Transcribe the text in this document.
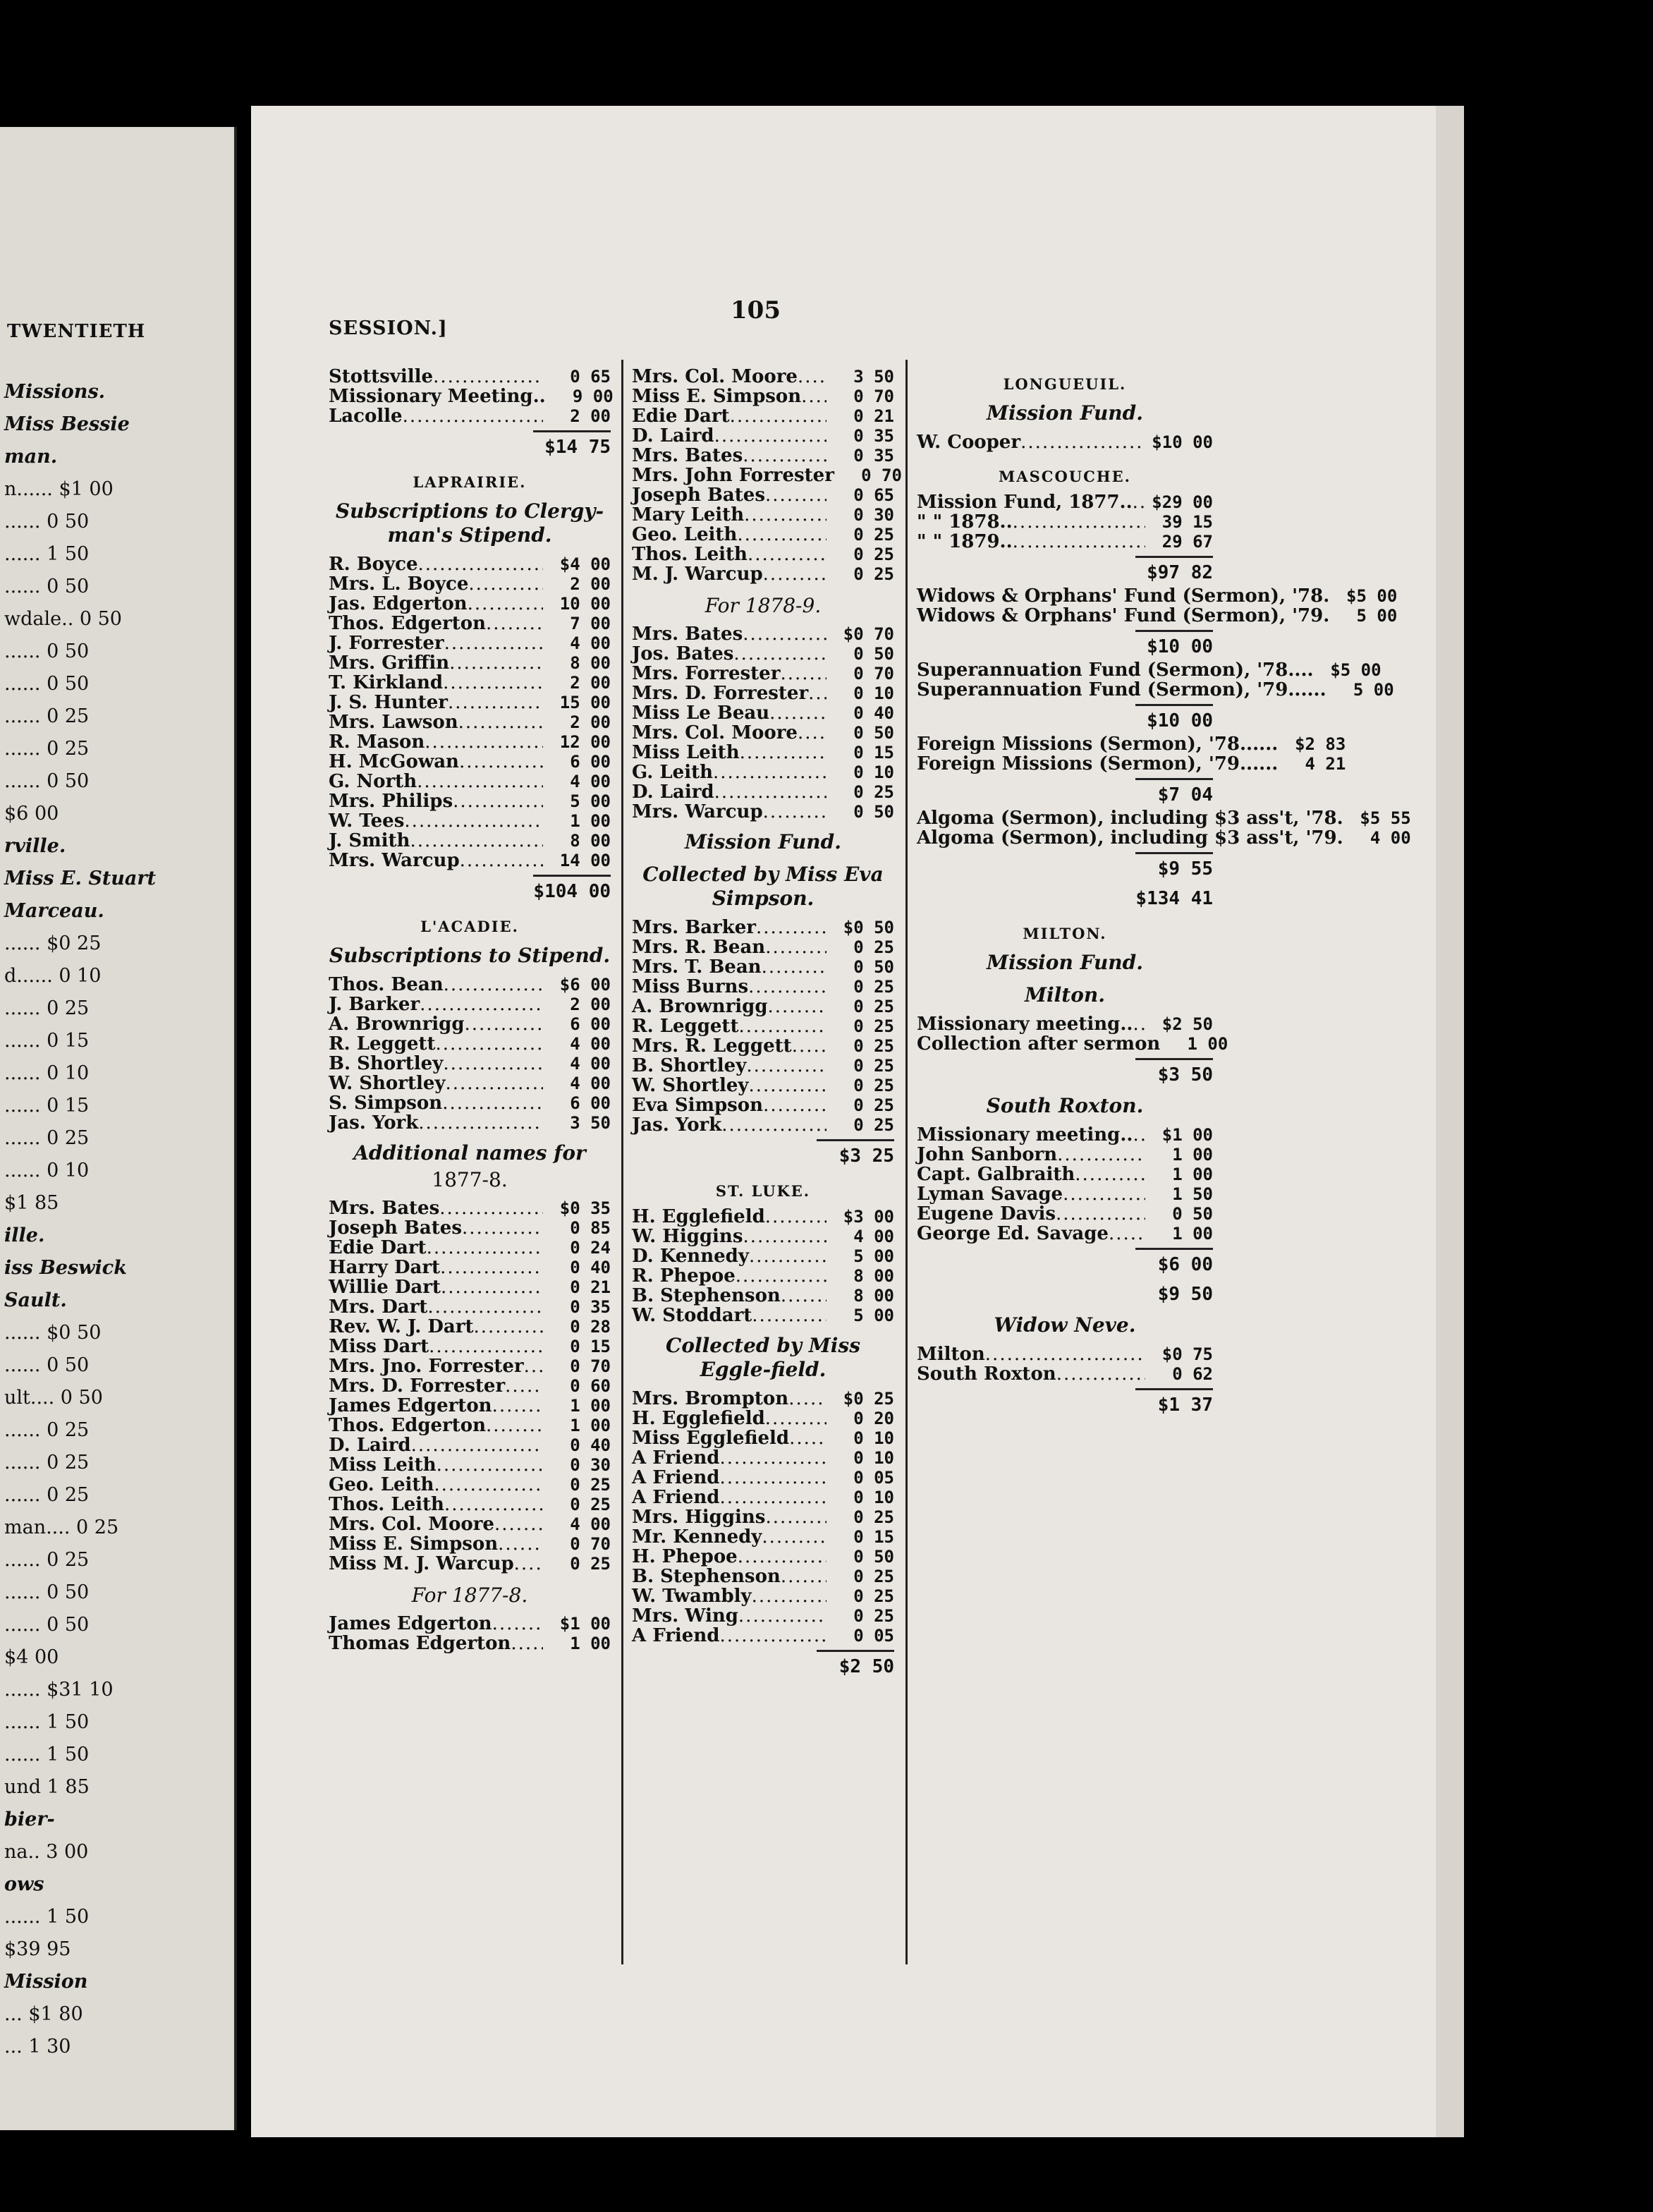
TWENTIETH
Missions.
Miss Bessie
man.
n...... $1 00
...... 0 50
...... 1 50
...... 0 50
wdale.. 0 50
...... 0 50
...... 0 50
...... 0 25
...... 0 25
...... 0 50
$6 00
rville.
Miss E. Stuart
Marceau.
...... $0 25
d...... 0 10
...... 0 25
...... 0 15
...... 0 10
...... 0 15
...... 0 25
...... 0 10
$1 85
ille.
iss Beswick
Sault.
...... $0 50
...... 0 50
ult.... 0 50
...... 0 25
...... 0 25
...... 0 25
man.... 0 25
...... 0 25
...... 0 50
...... 0 50
$4 00
...... $31 10
...... 1 50
...... 1 50
und 1 85
bier-
na.. 3 00
ows
...... 1 50
$39 95
Mission
... $1 80
... 1 30
SESSION.]
105
Stottsville .....	0 65
Missionary Meeting..	9 00
Lacolle .....	2 00
$14 75
LAPRAIRIE.
Subscriptions to Clergy-man's Stipend.
R. Boyce .....	$4 00
Mrs. L. Boyce .....	2 00
Jas. Edgerton .....	10 00
Thos. Edgerton .....	7 00
J. Forrester .....	4 00
Mrs. Griffin .....	8 00
T. Kirkland .....	2 00
J. S. Hunter .....	15 00
Mrs. Lawson .....	2 00
R. Mason .....	12 00
H. McGowan .....	6 00
G. North .....	4 00
Mrs. Philips .....	5 00
W. Tees .....	1 00
J. Smith .....	8 00
Mrs. Warcup .....	14 00
$104 00
L'ACADIE.
Subscriptions to Stipend.
Thos. Bean .....	$6 00
J. Barker .....	2 00
A. Brownrigg .....	6 00
R. Leggett .....	4 00
B. Shortley .....	4 00
W. Shortley .....	4 00
S. Simpson .....	6 00
Jas. York .....	3 50
Additional names for
1877-8.
Mrs. Bates .....	$0 35
Joseph Bates .....	0 85
Edie Dart .....	0 24
Harry Dart .....	0 40
Willie Dart .....	0 21
Mrs. Dart .....	0 35
Rev. W. J. Dart .....	0 28
Miss Dart .....	0 15
Mrs. Jno. Forrester .....	0 70
Mrs. D. Forrester .....	0 60
James Edgerton .....	1 00
Thos. Edgerton .....	1 00
D. Laird .....	0 40
Miss Leith .....	0 30
Geo. Leith .....	0 25
Thos. Leith .....	0 25
Mrs. Col. Moore .....	4 00
Miss E. Simpson .....	0 70
Miss M. J. Warcup .....	0 25
For 1877-8.
James Edgerton .....	$1 00
Thomas Edgerton .....	1 00
Mrs. Col. Moore .....	3 50
Miss E. Simpson .....	0 70
Edie Dart .....	0 21
D. Laird .....	0 35
Mrs. Bates .....	0 35
Mrs. John Forrester	0 70
Joseph Bates .....	0 65
Mary Leith .....	0 30
Geo. Leith .....	0 25
Thos. Leith .....	0 25
M. J. Warcup .....	0 25
For 1878-9.
Mrs. Bates .....	$0 70
Jos. Bates .....	0 50
Mrs. Forrester .....	0 70
Mrs. D. Forrester .....	0 10
Miss Le Beau .....	0 40
Mrs. Col. Moore .....	0 50
Miss Leith .....	0 15
G. Leith .....	0 10
D. Laird .....	0 25
Mrs. Warcup .....	0 50
Mission Fund.
Collected by Miss Eva Simpson.
Mrs. Barker .....	$0 50
Mrs. R. Bean .....	0 25
Mrs. T. Bean .....	0 50
Miss Burns .....	0 25
A. Brownrigg .....	0 25
R. Leggett .....	0 25
Mrs. R. Leggett .....	0 25
B. Shortley .....	0 25
W. Shortley .....	0 25
Eva Simpson .....	0 25
Jas. York .....	0 25
$3 25
ST. LUKE.
H. Egglefield .....	$3 00
W. Higgins .....	4 00
D. Kennedy .....	5 00
R. Phepoe .....	8 00
B. Stephenson .....	8 00
W. Stoddart .....	5 00
Collected by Miss Eggle-field.
Mrs. Brompton .....	$0 25
H. Egglefield .....	0 20
Miss Egglefield .....	0 10
A Friend .....	0 10
A Friend .....	0 05
A Friend .....	0 10
Mrs. Higgins .....	0 25
Mr. Kennedy .....	0 15
H. Phepoe .....	0 50
B. Stephenson .....	0 25
W. Twambly .....	0 25
Mrs. Wing .....	0 25
A Friend .....	0 05
$2 50
LONGUEUIL.
Mission Fund.
W. Cooper .....	$10 00
MASCOUCHE.
Mission Fund, 1877.. .....	$29 00
" " 1878.. .....	39 15
" " 1879.. .....	29 67
$97 82
Widows & Orphans' Fund (Sermon), '78. $5 00
Widows & Orphans' Fund (Sermon), '79.	5 00
$10 00
Superannuation Fund (Sermon), '78.... $5 00
Superannuation Fund (Sermon), '79......	5 00
$10 00
Foreign Missions (Sermon), '78...... $2 83
Foreign Missions (Sermon), '79......	4 21
$7 04
Algoma (Sermon), including $3 ass't, '78. $5 55
Algoma (Sermon), including $3 ass't, '79.	4 00
$9 55
$134 41
MILTON.
Mission Fund.
Milton.
Missionary meeting.. .....	$2 50
Collection after sermon	1 00
$3 50
South Roxton.
Missionary meeting.. .....	$1 00
John Sanborn .....	1 00
Capt. Galbraith .....	1 00
Lyman Savage .....	1 50
Eugene Davis .....	0 50
George Ed. Savage .....	1 00
$6 00
$9 50
Widow Neve.
Milton .....	$0 75
South Roxton .....	0 62
$1 37
